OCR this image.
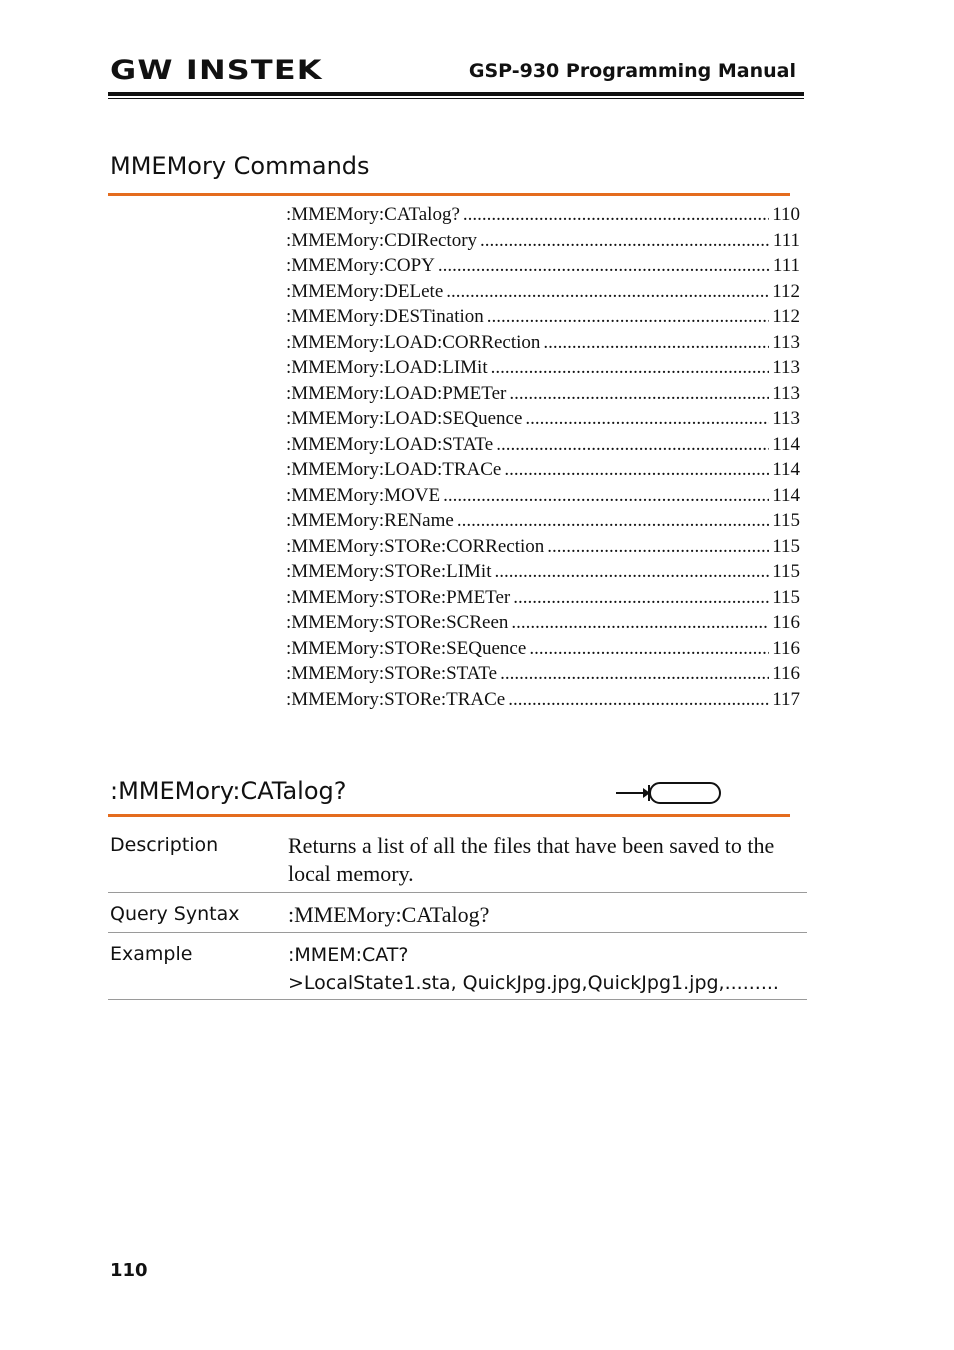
GW INSTEK	GSP-930 Programming Manual
MMEMory Commands
:MMEMory:CATalog? .....	110
:MMEMory:CDIRectory .....	111
:MMEMory:COPY .....	111
:MMEMory:DELete .....	112
:MMEMory:DESTination .....	112
:MMEMory:LOAD:CORRection .....	113
:MMEMory:LOAD:LIMit .....	113
:MMEMory:LOAD:PMETer .....	113
:MMEMory:LOAD:SEQuence .....	113
:MMEMory:LOAD:STATe .....	114
:MMEMory:LOAD:TRACe .....	114
:MMEMory:MOVE .....	114
:MMEMory:REName .....	115
:MMEMory:STORe:CORRection .....	115
:MMEMory:STORe:LIMit .....	115
:MMEMory:STORe:PMETer .....	115
:MMEMory:STORe:SCReen .....	116
:MMEMory:STORe:SEQuence .....	116
:MMEMory:STORe:STATe .....	116
:MMEMory:STORe:TRACe .....	117
:MMEMory:CATalog?
Description	Returns a list of all the files that have been saved to the local memory.
Query Syntax	:MMEMory:CATalog?
Example	:MMEM:CAT?
>LocalState1.sta, QuickJpg.jpg,QuickJpg1.jpg,.........
110
